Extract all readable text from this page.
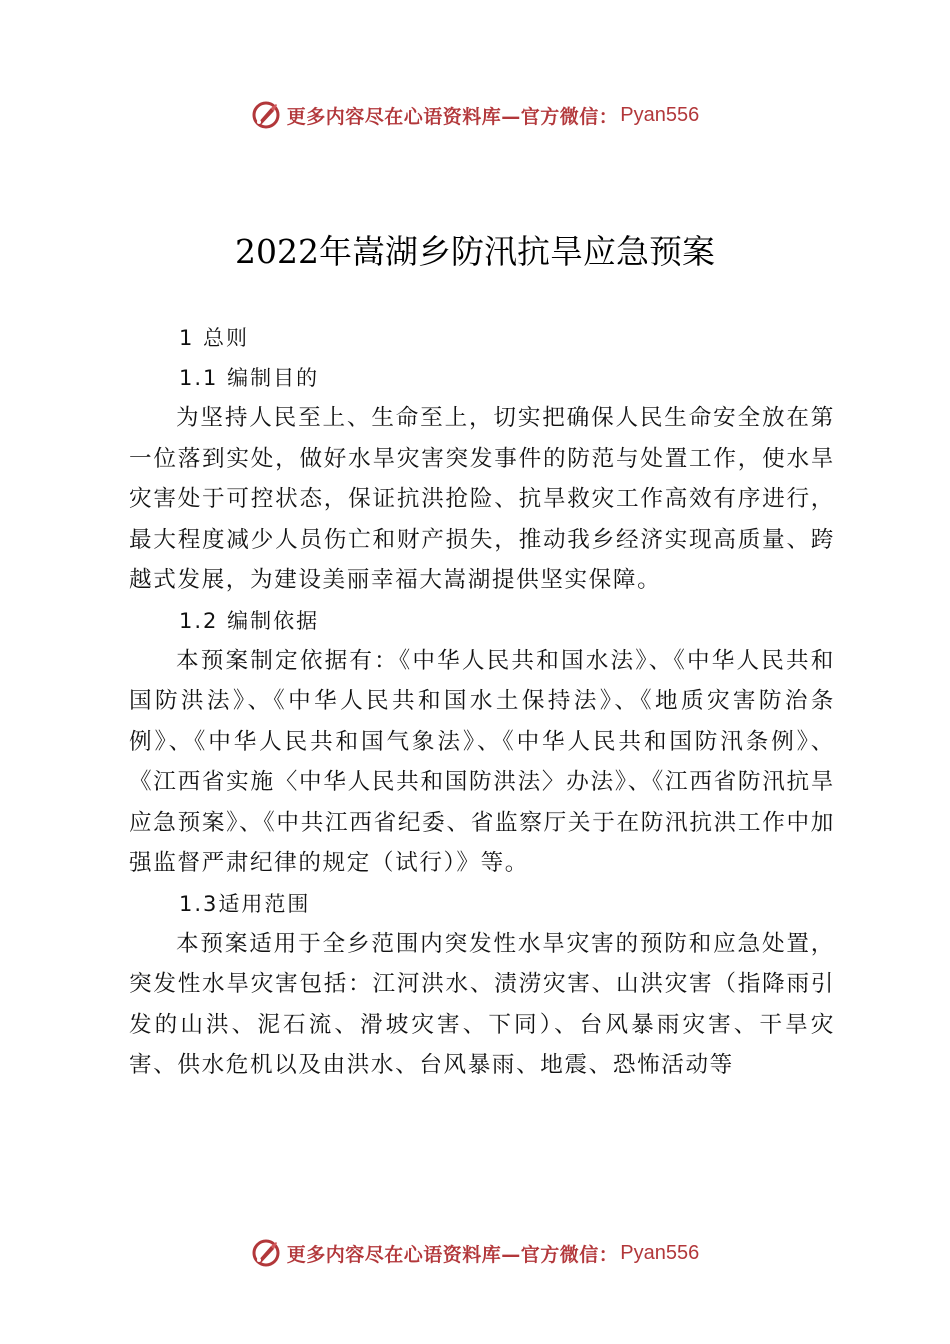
更多内容尽在心语资料库—官方微信： Pyan556
2022年嵩湖乡防汛抗旱应急预案
1 总则
1.1 编制目的

为坚持人民至上、生命至上，切实把确保人民生命安全放在第一位落到实处，做好水旱灾害突发事件的防范与处置工作，使水旱灾害处于可控状态，保证抗洪抢险、抗旱救灾工作高效有序进行，最大程度减少人员伤亡和财产损失，推动我乡经济实现高质量、跨越式发展，为建设美丽幸福大嵩湖提供坚实保障。

1.2 编制依据

本预案制定依据有：《中华人民共和国水法》、《中华人民共和国防洪法》、《中华人民共和国水土保持法》、《地质灾害防治条例》、《中华人民共和国气象法》、《中华人民共和国防汛条例》、《江西省实施〈中华人民共和国防洪法〉办法》、《江西省防汛抗旱应急预案》、《中共江西省纪委、省监察厅关于在防汛抗洪工作中加强监督严肃纪律的规定（试行）》等。

1.3适用范围

本预案适用于全乡范围内突发性水旱灾害的预防和应急处置，突发性水旱灾害包括：江河洪水、渍涝灾害、山洪灾害（指降雨引发的山洪、泥石流、滑坡灾害、下同）、台风暴雨灾害、干旱灾害、供水危机以及由洪水、台风暴雨、地震、恐怖活动等

更多内容尽在心语资料库—官方微信： Pyan556
